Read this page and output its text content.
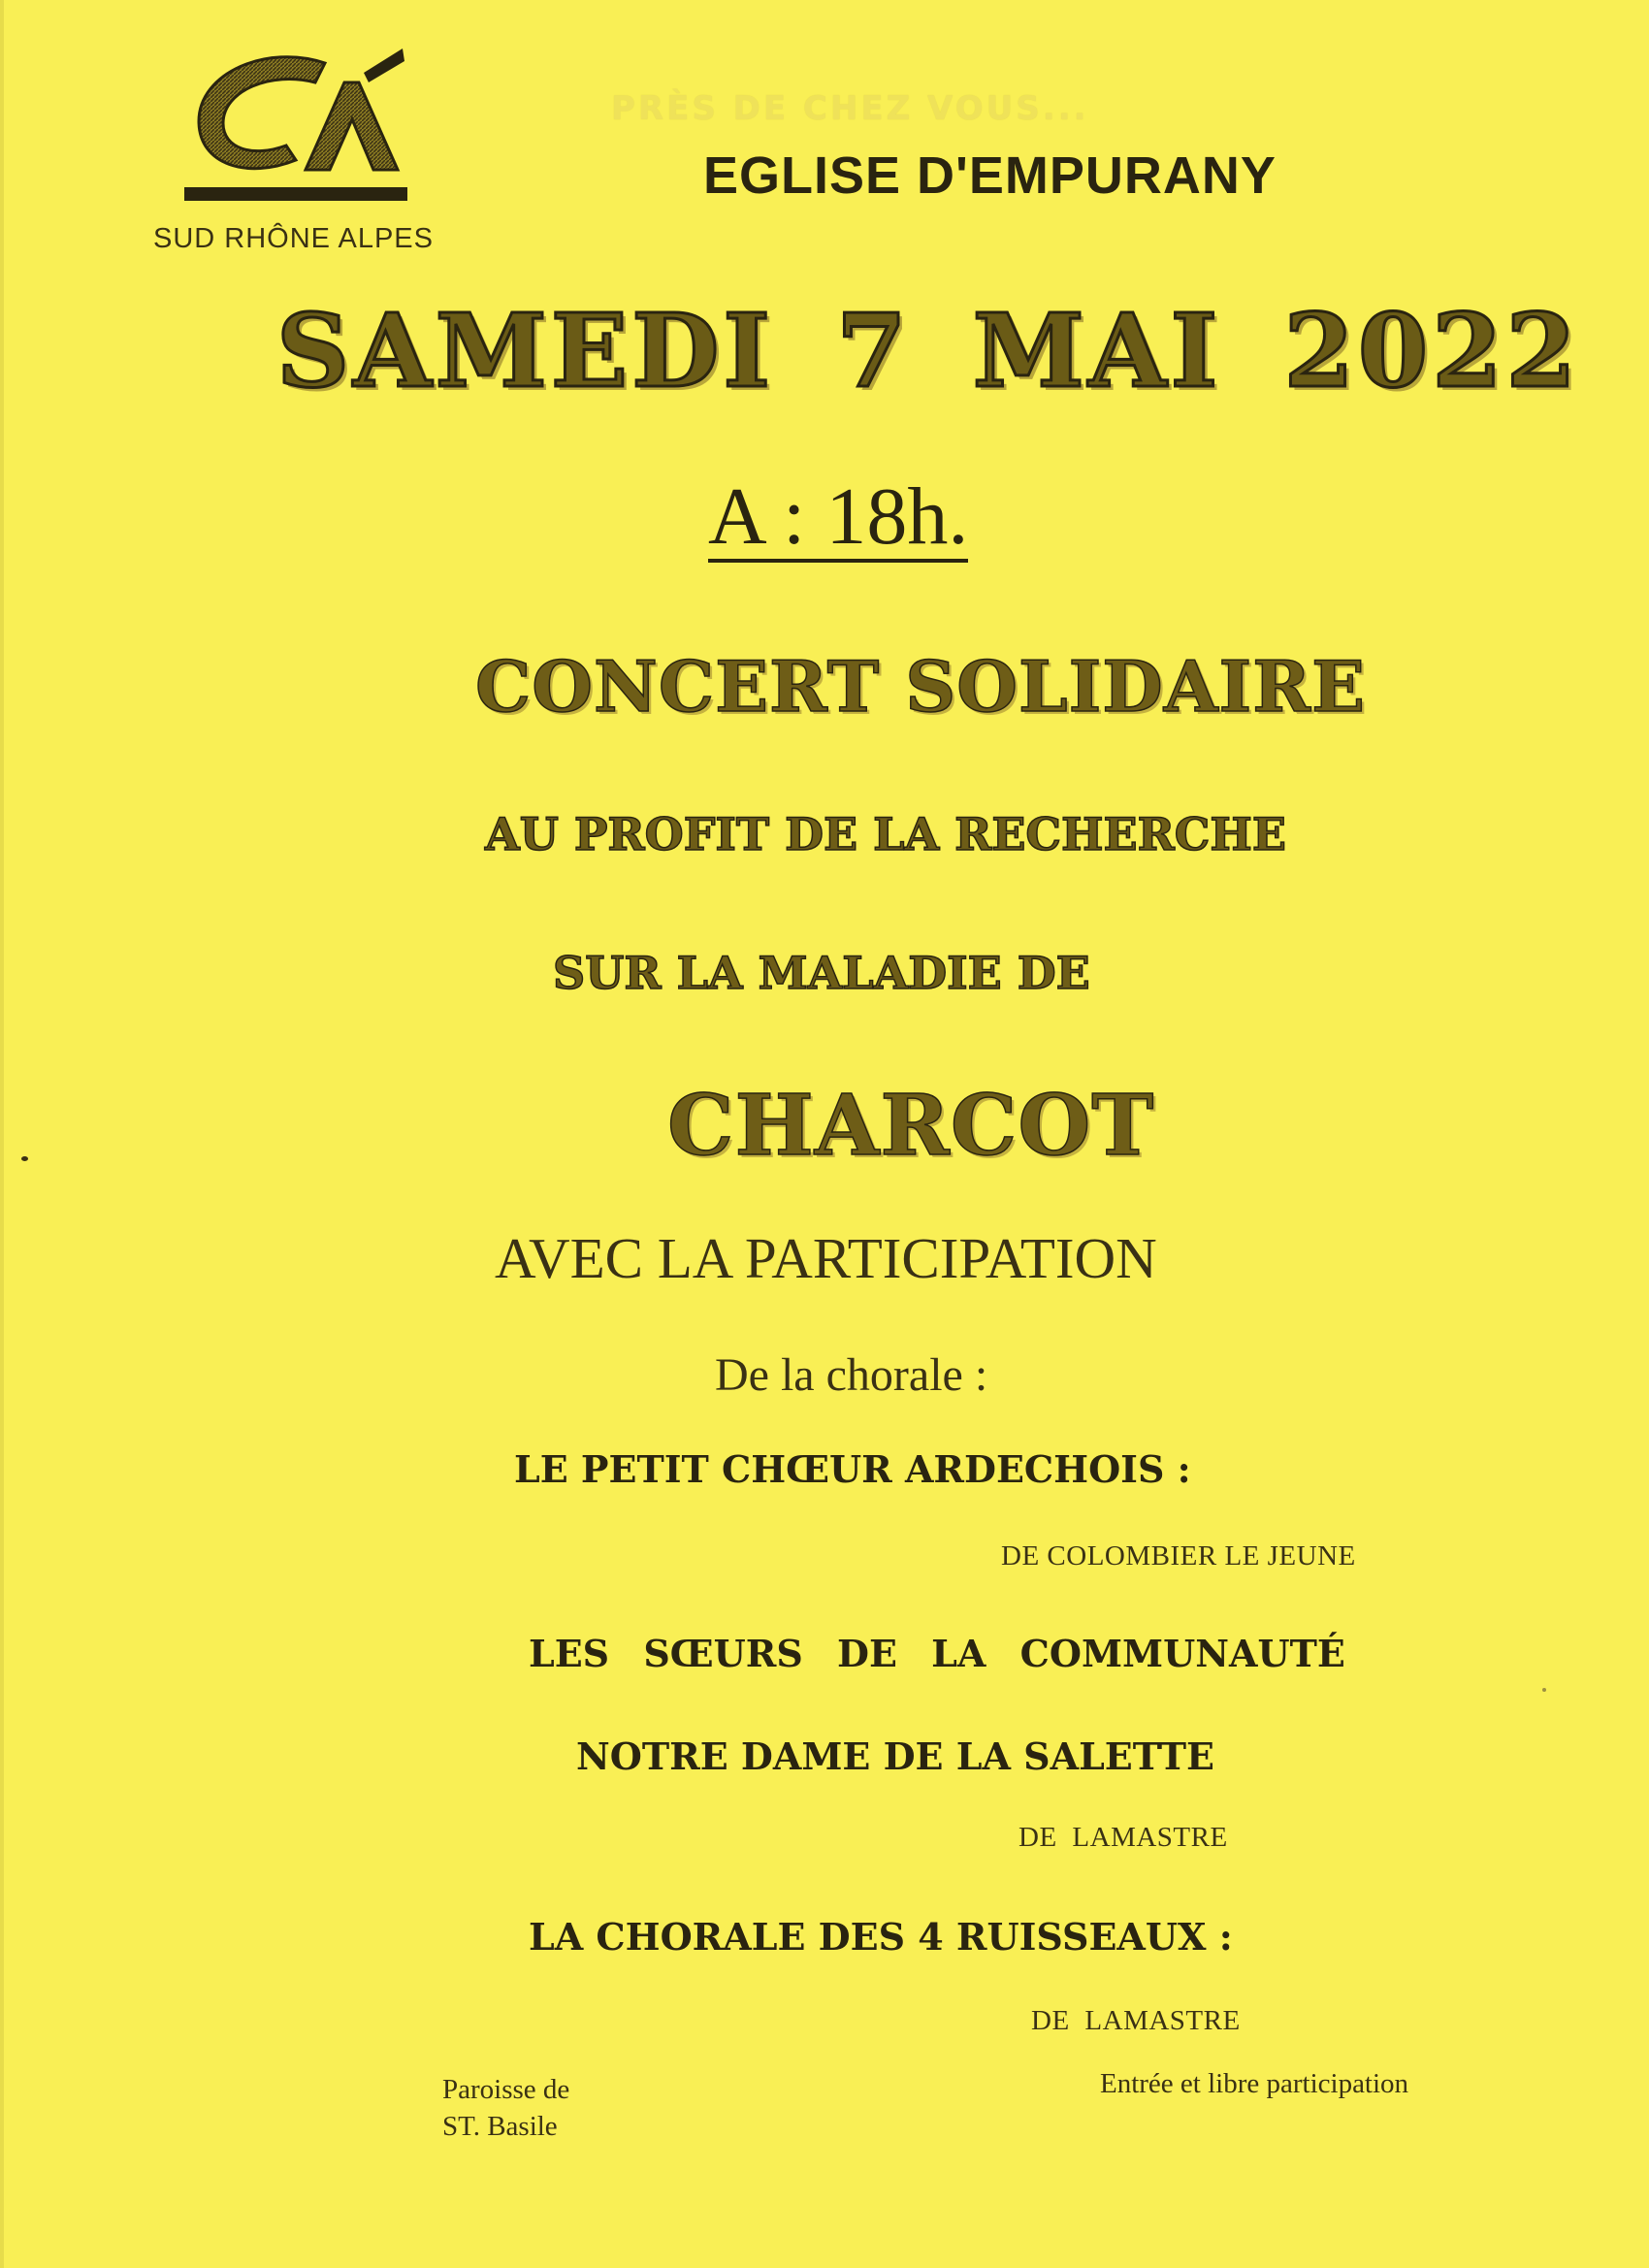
SUD RHÔNE ALPES
PRÈS DE CHEZ VOUS...
EGLISE D'EMPURANY
SAMEDI 7 MAI 2022
A : 18h.
CONCERT SOLIDAIRE
AU PROFIT DE LA RECHERCHE
SUR LA MALADIE DE
CHARCOT
AVEC LA PARTICIPATION
De la chorale :
LE PETIT CHŒUR ARDECHOIS :
DE COLOMBIER LE JEUNE
LES SŒURS DE LA COMMUNAUTÉ
NOTRE DAME DE LA SALETTE
DE LAMASTRE
LA CHORALE DES 4 RUISSEAUX :
DE LAMASTRE
Paroisse de
ST. Basile
Entrée et libre participation
